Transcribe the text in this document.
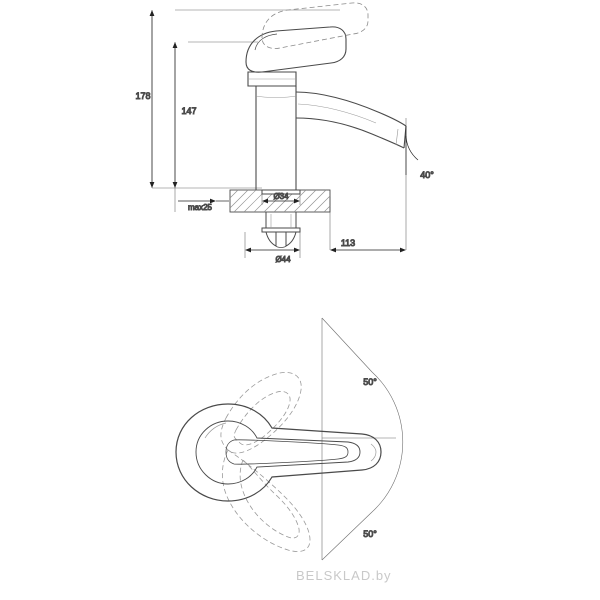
178
147
max25
Ø34
Ø44
113
40°
50°
50°
BELSKLAD.by
